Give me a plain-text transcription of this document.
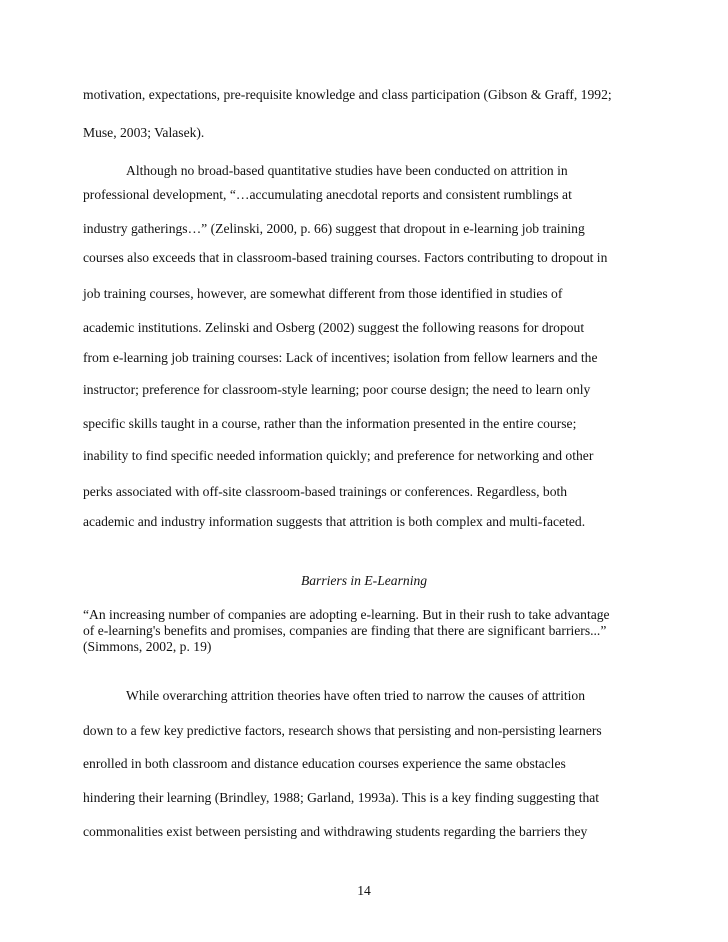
motivation, expectations, pre-requisite knowledge and class participation (Gibson & Graff, 1992;

Muse, 2003; Valasek).

Although no broad-based quantitative studies have been conducted on attrition in

professional development, “…accumulating anecdotal reports and consistent rumblings at

industry gatherings…” (Zelinski, 2000, p. 66) suggest that dropout in e-learning job training

courses also exceeds that in classroom-based training courses. Factors contributing to dropout in

job training courses, however, are somewhat different from those identified in studies of

academic institutions. Zelinski and Osberg (2002) suggest the following reasons for dropout

from e-learning job training courses: Lack of incentives; isolation from fellow learners and the

instructor; preference for classroom-style learning; poor course design; the need to learn only

specific skills taught in a course, rather than the information presented in the entire course;

inability to find specific needed information quickly; and preference for networking and other

perks associated with off-site classroom-based trainings or conferences. Regardless, both

academic and industry information suggests that attrition is both complex and multi-faceted.

Barriers in E-Learning

“An increasing number of companies are adopting e-learning. But in their rush to take advantage

of e-learning's benefits and promises, companies are finding that there are significant barriers...”

(Simmons, 2002, p. 19)

While overarching attrition theories have often tried to narrow the causes of attrition

down to a few key predictive factors, research shows that persisting and non-persisting learners

enrolled in both classroom and distance education courses experience the same obstacles

hindering their learning (Brindley, 1988; Garland, 1993a). This is a key finding suggesting that

commonalities exist between persisting and withdrawing students regarding the barriers they

14
